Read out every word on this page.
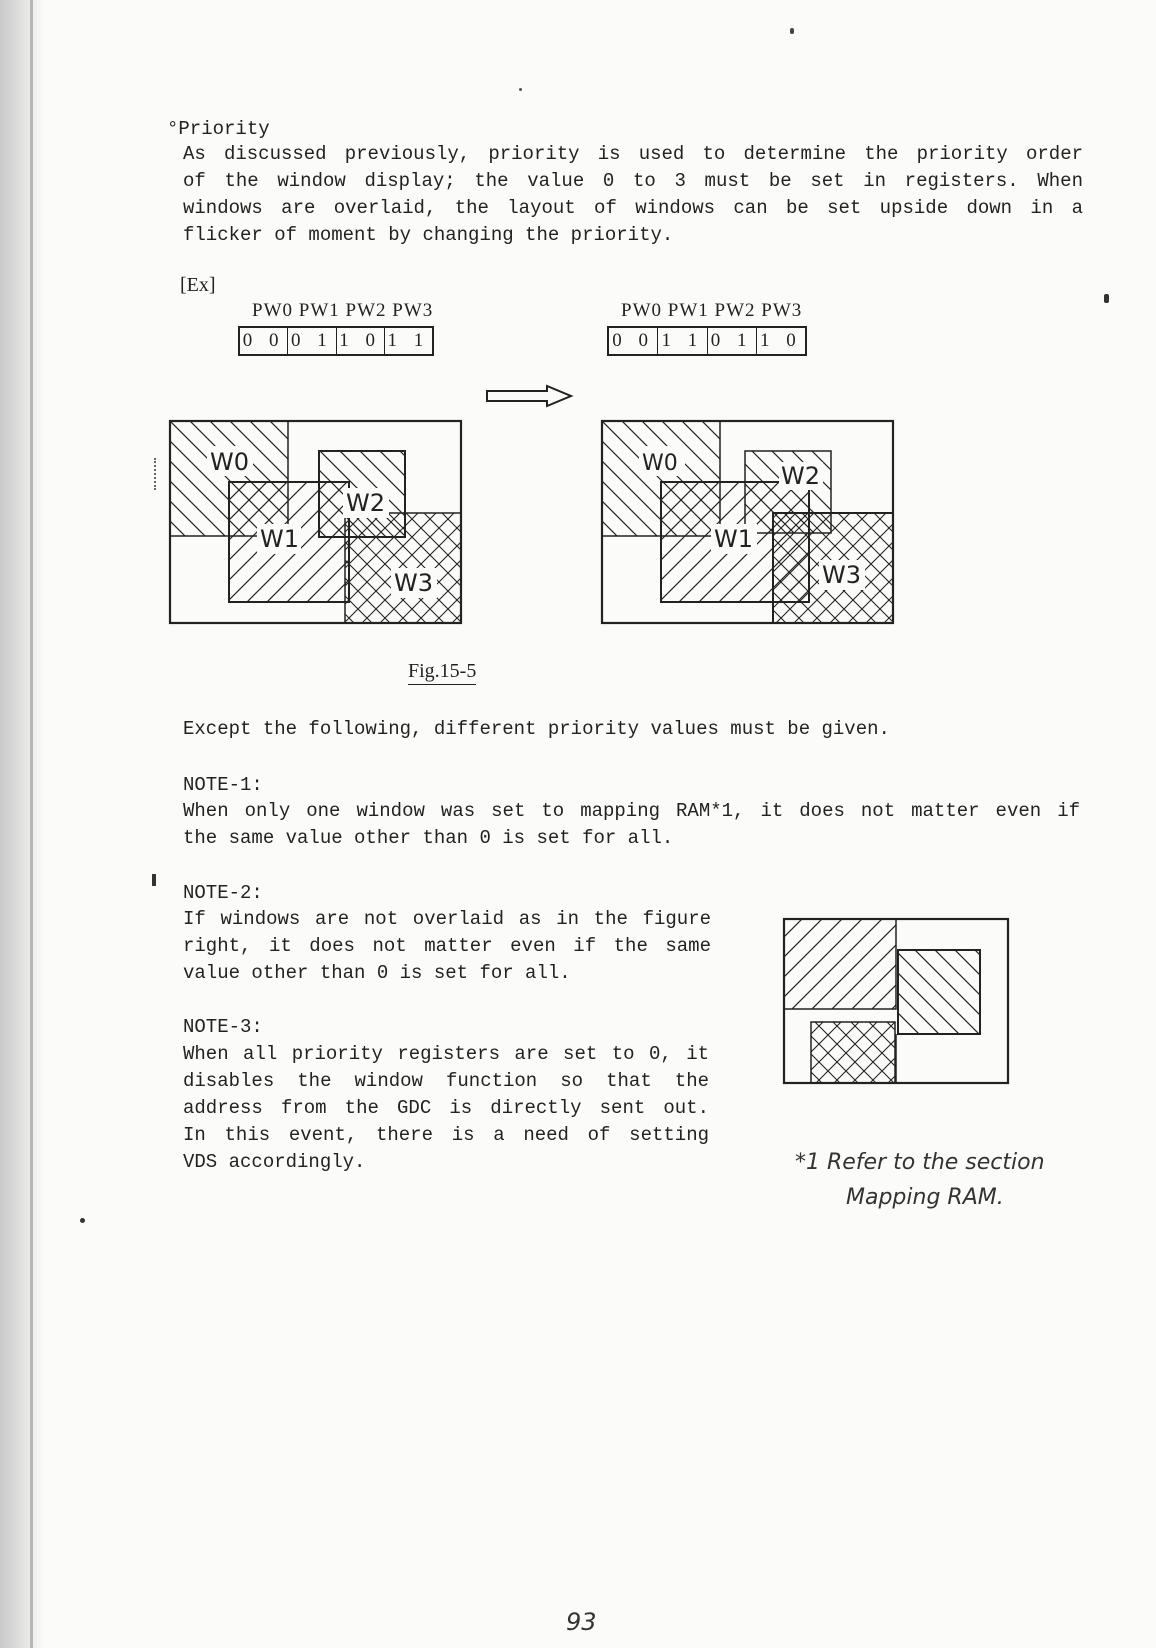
°Priority

As discussed previously, priority is used to determine the priority order
of the window display; the value 0 to 3 must be set in registers. When
windows are overlaid, the layout of windows can be set upside down in a

flicker of moment by changing the priority.

[Ex]

PW0 PW1 PW2 PW3
0 0 0 1 1 0 1 1
PW0 PW1 PW2 PW3
0 0 1 1 0 1 1 0
W0
W1
W2
W3
W0
W1
W2
W3
Fig.15-5

Except the following, different priority values must be given.

NOTE-1:

When only one window was set to mapping RAM*1, it does not matter even if

the same value other than 0 is set for all.

NOTE-2:

If windows are not overlaid as in the figure
right, it does not matter even if the same

value other than 0 is set for all.

NOTE-3:

When all priority registers are set to 0, it
disables the window function so that the
address from the GDC is directly sent out.
In this event, there is a need of setting

VDS accordingly.	*1 Refer to the section
Mapping RAM.
93
